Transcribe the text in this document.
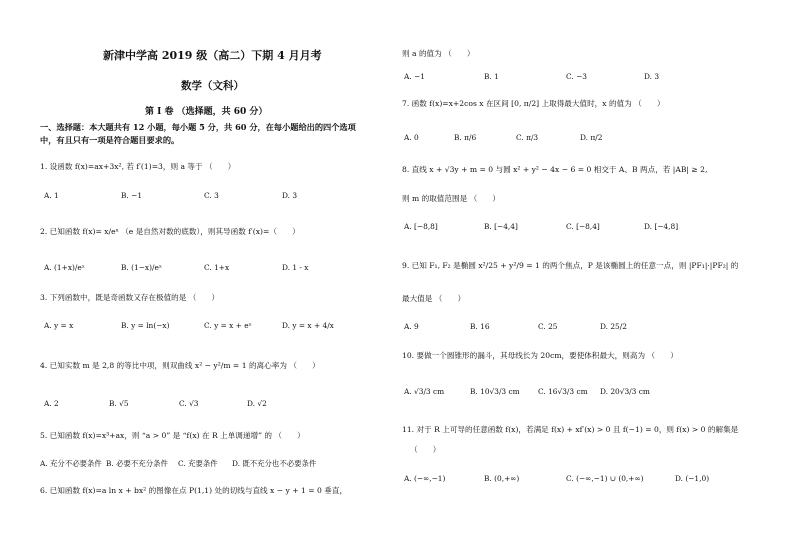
新津中学高 2019 级（高二）下期 4 月月考
数学（文科）
第 I 卷 （选择题，共 60 分）
一、选择题：本大题共有 12 小题，每小题 5 分，共 60 分，在每小题给出的四个选项
中，有且只有一项是符合题目要求的。
1. 设函数 f(x)=ax+3x², 若 f′(1)=3，则 a 等于 （　　）
A. 1	B. −1	C. 3	D. 3
2. 已知函数 f(x)= x/eˣ （e 是自然对数的底数），则其导函数 f′(x)=（　　）
A. (1+x)/eˣ	B. (1−x)/eˣ	C. 1+x	D. 1 - x
3. 下列函数中，既是奇函数又存在极值的是 （　　）
A. y = x	B. y = ln(−x)	C. y = x + eˣ	D. y = x + 4/x
4. 已知实数 m 是 2,8 的等比中项，则双曲线 x² − y²/m = 1 的离心率为 （　　）
A. 2	B. √5	C. √3	D. √2
5. 已知函数 f(x)=x³+ax，则 “a > 0” 是 “f(x) 在 R 上单调递增” 的 （　　）
A. 充分不必要条件 B. 必要不充分条件 C. 充要条件 D. 既不充分也不必要条件
6. 已知函数 f(x)=a ln x + bx² 的图像在点 P(1,1) 处的切线与直线 x − y + 1 = 0 垂直，
则 a 的值为 （　　）
A. −1	B. 1	C. −3	D. 3
7. 函数 f(x)=x+2cos x 在区间 [0, π/2] 上取得最大值时，x 的值为 （　　）
A. 0	B. π/6	C. π/3	D. π/2
8. 直线 x + √3y + m = 0 与圆 x² + y² − 4x − 6 = 0 相交于 A、B 两点，若 |AB| ≥ 2,
则 m 的取值范围是 （　　）
A. [−8,8]	B. [−4,4]	C. [−8,4]	D. [−4,8]
9. 已知 F₁, F₂ 是椭圆 x²/25 + y²/9 = 1 的两个焦点，P 是该椭圆上的任意一点，则 |PF₁|·|PF₂| 的
最大值是 （　　）
A. 9	B. 16	C. 25	D. 25/2
10. 要做一个圆锥形的漏斗，其母线长为 20cm，要使体积最大，则高为 （　　）
A. √3/3 cm	B. 10√3/3 cm C. 16√3/3 cm D. 20√3/3 cm
11. 对于 R 上可导的任意函数 f(x)，若满足 f(x) + xf′(x) > 0 且 f(−1) = 0，则 f(x) > 0 的解集是
（　　）
A. (−∞,−1)	B. (0,+∞)	C. (−∞,−1) ∪ (0,+∞)	D. (−1,0)
